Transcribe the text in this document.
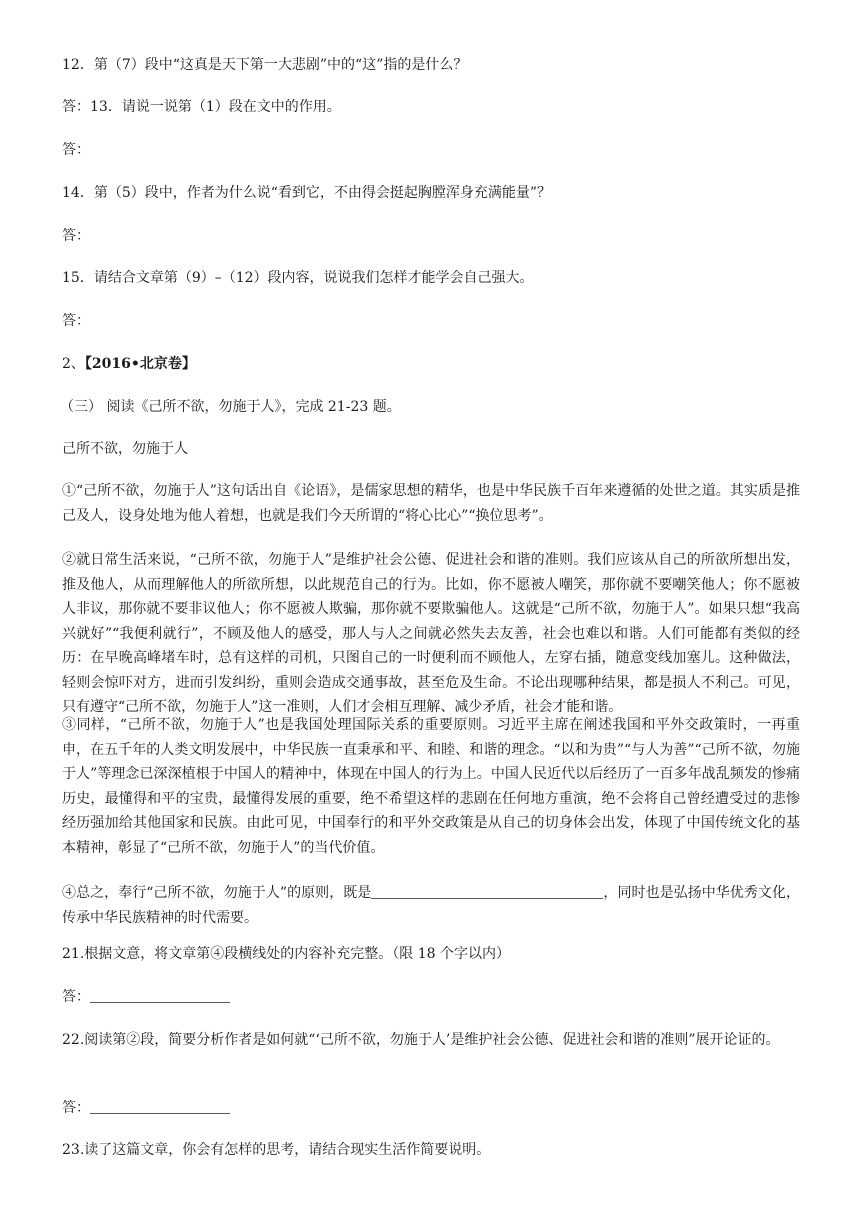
12．第（7）段中“这真是天下第一大悲剧”中的“这”指的是什么？
答：13．请说一说第（1）段在文中的作用。
答：
14．第（5）段中，作者为什么说“看到它，不由得会挺起胸膛浑身充满能量”？
答：
15．请结合文章第（9）–（12）段内容，说说我们怎样才能学会自己强大。
答：
2、【2016•北京卷】
（三） 阅读《己所不欲，勿施于人》，完成 21-23 题。
己所不欲，勿施于人
①“己所不欲，勿施于人”这句话出自《论语》，是儒家思想的精华，也是中华民族千百年来遵循的处世之道。其实质是推己及人，设身处地为他人着想，也就是我们今天所谓的“将心比心”“换位思考”。
②就日常生活来说，“己所不欲，勿施于人”是维护社会公德、促进社会和谐的准则。我们应该从自己的所欲所想出发，推及他人，从而理解他人的所欲所想，以此规范自己的行为。比如，你不愿被人嘲笑，那你就不要嘲笑他人；你不愿被人非议，那你就不要非议他人；你不愿被人欺骗，那你就不要欺骗他人。这就是“己所不欲，勿施于人”。如果只想“我高兴就好”“我便利就行”，不顾及他人的感受，那人与人之间就必然失去友善，社会也难以和谐。人们可能都有类似的经历：在早晚高峰堵车时，总有这样的司机，只图自己的一时便利而不顾他人，左穿右插，随意变线加塞儿。这种做法，轻则会惊吓对方，进而引发纠纷，重则会造成交通事故，甚至危及生命。不论出现哪种结果，都是损人不利己。可见，只有遵守“己所不欲，勿施于人”这一准则，人们才会相互理解、减少矛盾，社会才能和谐。
③同样，“己所不欲，勿施于人”也是我国处理国际关系的重要原则。习近平主席在阐述我国和平外交政策时，一再重申，在五千年的人类文明发展中，中华民族一直秉承和平、和睦、和谐的理念。“以和为贵”“与人为善”“己所不欲，勿施于人”等理念已深深植根于中国人的精神中，体现在中国人的行为上。中国人民近代以后经历了一百多年战乱频发的惨痛历史，最懂得和平的宝贵，最懂得发展的重要，绝不希望这样的悲剧在任何地方重演，绝不会将自己曾经遭受过的悲惨经历强加给其他国家和民族。由此可见，中国奉行的和平外交政策是从自己的切身体会出发，体现了中国传统文化的基本精神，彰显了“己所不欲，勿施于人”的当代价值。
④总之，奉行“己所不欲，勿施于人”的原则，既是	，同时也是弘扬中华优秀文化，传承中华民族精神的时代需要。
21.根据文意，将文章第④段横线处的内容补充完整。（限 18 个字以内）
答：
22.阅读第②段，简要分析作者是如何就“‘己所不欲，勿施于人’是维护社会公德、促进社会和谐的准则”展开论证的。
答：
23.读了这篇文章，你会有怎样的思考，请结合现实生活作简要说明。
